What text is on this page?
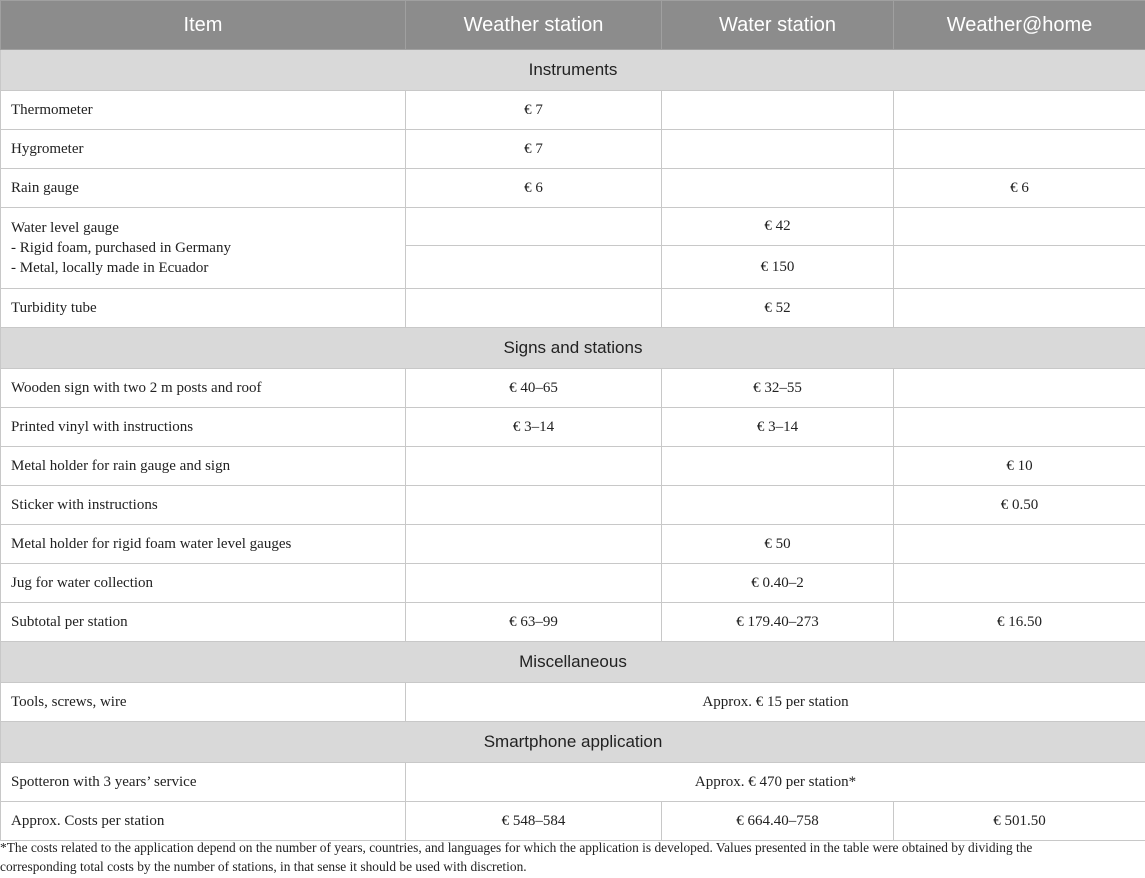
Item	Weather station	Water station	Weather@home
Instruments			
Thermometer	€ 7		
Hygrometer	€ 7		
Rain gauge	€ 6		€ 6

Water level gauge
- Rigid foam, purchased in Germany
- Metal, locally made in Ecuador		€ 42	
		€ 150	
Turbidity tube		€ 52	
Signs and stations			
Wooden sign with two 2 m posts and roof	€ 40–65	€ 32–55	
Printed vinyl with instructions	€ 3–14	€ 3–14	
Metal holder for rain gauge and sign			€ 10
Sticker with instructions			€ 0.50
Metal holder for rigid foam water level gauges		€ 50	
Jug for water collection		€ 0.40–2	
Subtotal per station	€ 63–99	€ 179.40–273	€ 16.50
Miscellaneous			
Tools, screws, wire	Approx. € 15 per station		
Smartphone application			
Spotteron with 3 years’ service	Approx. € 470 per station*		
Approx. Costs per station	€ 548–584	€ 664.40–758	€ 501.50
*The costs related to the application depend on the number of years, countries, and languages for which the application is developed. Values presented in the table were obtained by dividing the
corresponding total costs by the number of stations, in that sense it should be used with discretion.
